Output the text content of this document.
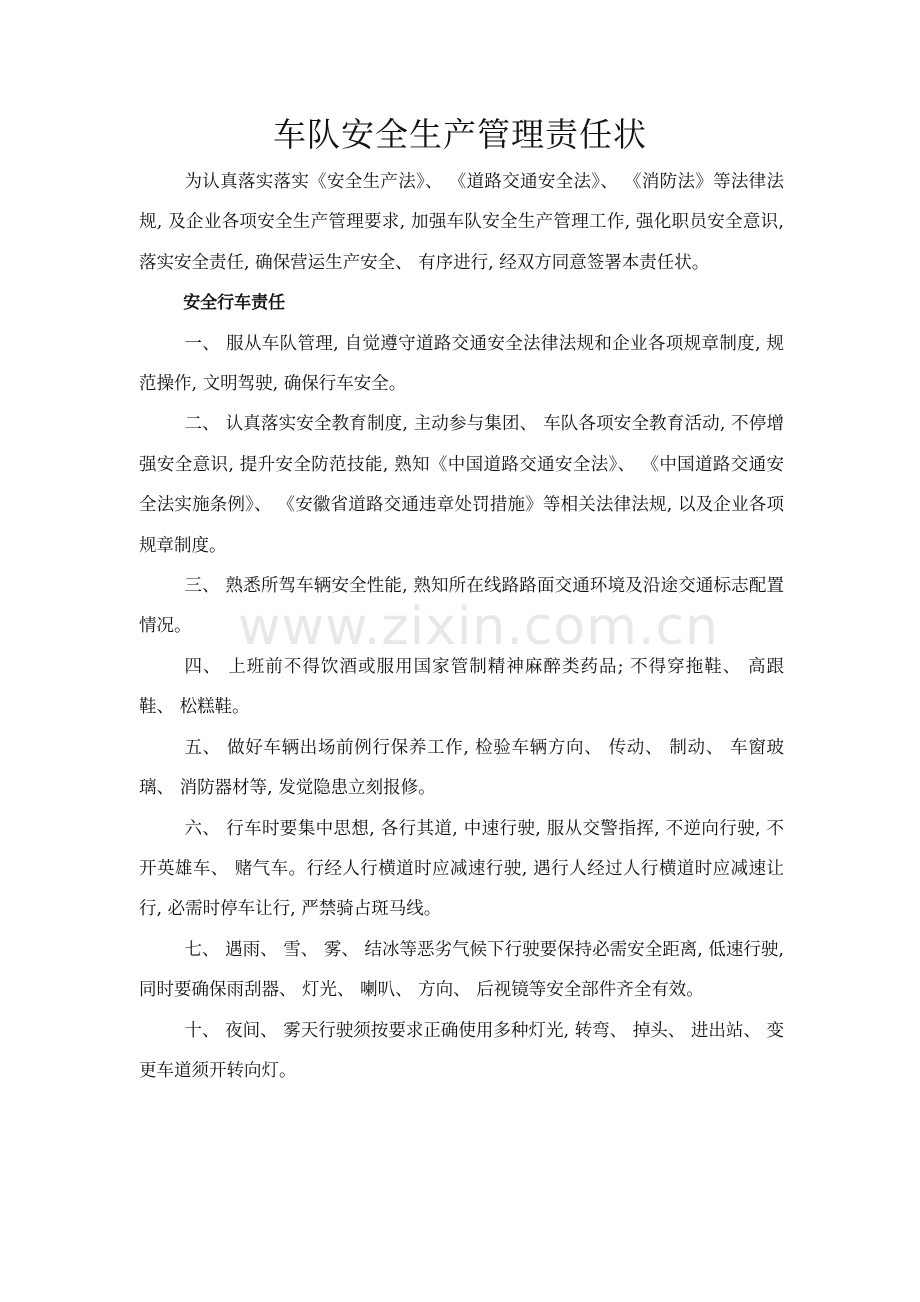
车队安全生产管理责任状

为认真落实落实《安全生产法》、 《道路交通安全法》、 《消防法》等法律法规, 及企业各项安全生产管理要求, 加强车队安全生产管理工作, 强化职员安全意识, 落实安全责任, 确保营运生产安全、 有序进行, 经双方同意签署本责任状。

安全行车责任

一、 服从车队管理, 自觉遵守道路交通安全法律法规和企业各项规章制度, 规范操作, 文明驾驶, 确保行车安全。

二、 认真落实安全教育制度, 主动参与集团、 车队各项安全教育活动, 不停增强安全意识, 提升安全防范技能, 熟知《中国道路交通安全法》、 《中国道路交通安全法实施条例》、 《安徽省道路交通违章处罚措施》等相关法律法规, 以及企业各项规章制度。

三、 熟悉所驾车辆安全性能, 熟知所在线路路面交通环境及沿途交通标志配置情况。

四、 上班前不得饮酒或服用国家管制精神麻醉类药品; 不得穿拖鞋、 高跟鞋、 松糕鞋。

五、 做好车辆出场前例行保养工作, 检验车辆方向、 传动、 制动、 车窗玻璃、 消防器材等, 发觉隐患立刻报修。

六、 行车时要集中思想, 各行其道, 中速行驶, 服从交警指挥, 不逆向行驶, 不开英雄车、 赌气车。行经人行横道时应减速行驶, 遇行人经过人行横道时应减速让行, 必需时停车让行, 严禁骑占斑马线。

七、 遇雨、 雪、 雾、 结冰等恶劣气候下行驶要保持必需安全距离, 低速行驶, 同时要确保雨刮器、 灯光、 喇叭、 方向、 后视镜等安全部件齐全有效。

十、 夜间、 雾天行驶须按要求正确使用多种灯光, 转弯、 掉头、 进出站、 变更车道须开转向灯。

www.zixin.com.cn
